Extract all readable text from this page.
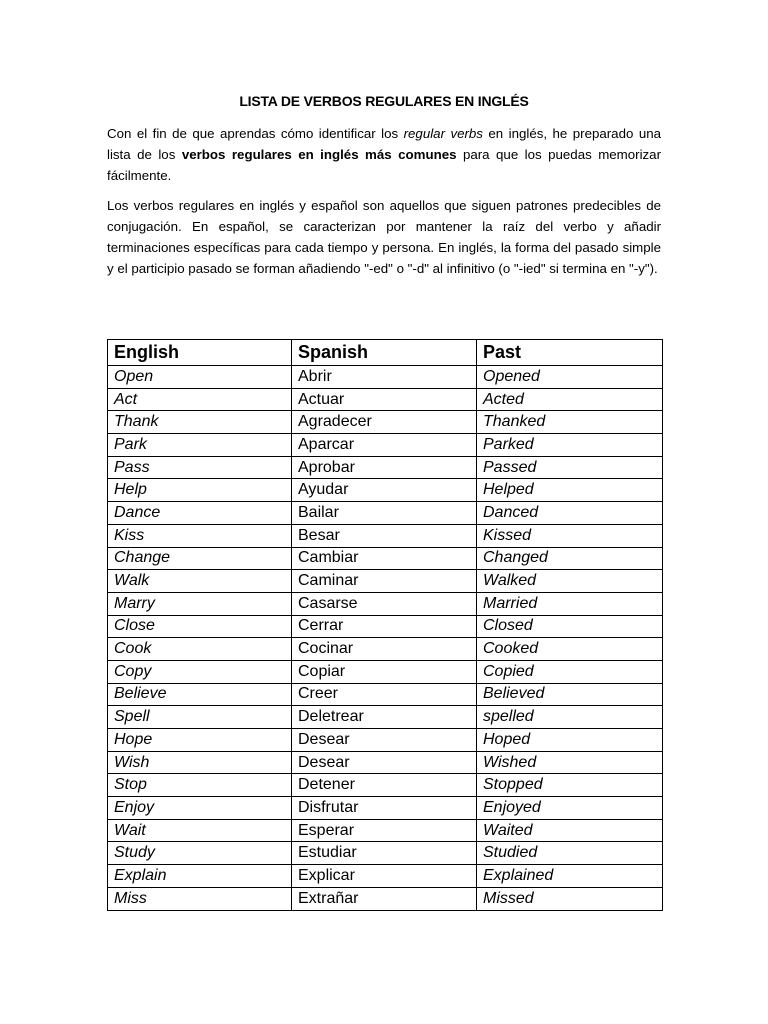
LISTA DE VERBOS REGULARES EN INGLÉS

Con el fin de que aprendas cómo identificar los regular verbs en inglés, he preparado una lista de los verbos regulares en inglés más comunes para que los puedas memorizar fácilmente.

Los verbos regulares en inglés y español son aquellos que siguen patrones predecibles de conjugación. En español, se caracterizan por mantener la raíz del verbo y añadir terminaciones específicas para cada tiempo y persona. En inglés, la forma del pasado simple y el participio pasado se forman añadiendo "-ed" o "-d" al infinitivo (o "-ied" si termina en "-y").

English	Spanish	Past
Open	Abrir	Opened
Act	Actuar	Acted
Thank	Agradecer	Thanked
Park	Aparcar	Parked
Pass	Aprobar	Passed
Help	Ayudar	Helped
Dance	Bailar	Danced
Kiss	Besar	Kissed
Change	Cambiar	Changed
Walk	Caminar	Walked
Marry	Casarse	Married
Close	Cerrar	Closed
Cook	Cocinar	Cooked
Copy	Copiar	Copied
Believe	Creer	Believed
Spell	Deletrear	spelled
Hope	Desear	Hoped
Wish	Desear	Wished
Stop	Detener	Stopped
Enjoy	Disfrutar	Enjoyed
Wait	Esperar	Waited
Study	Estudiar	Studied
Explain	Explicar	Explained
Miss	Extrañar	Missed
